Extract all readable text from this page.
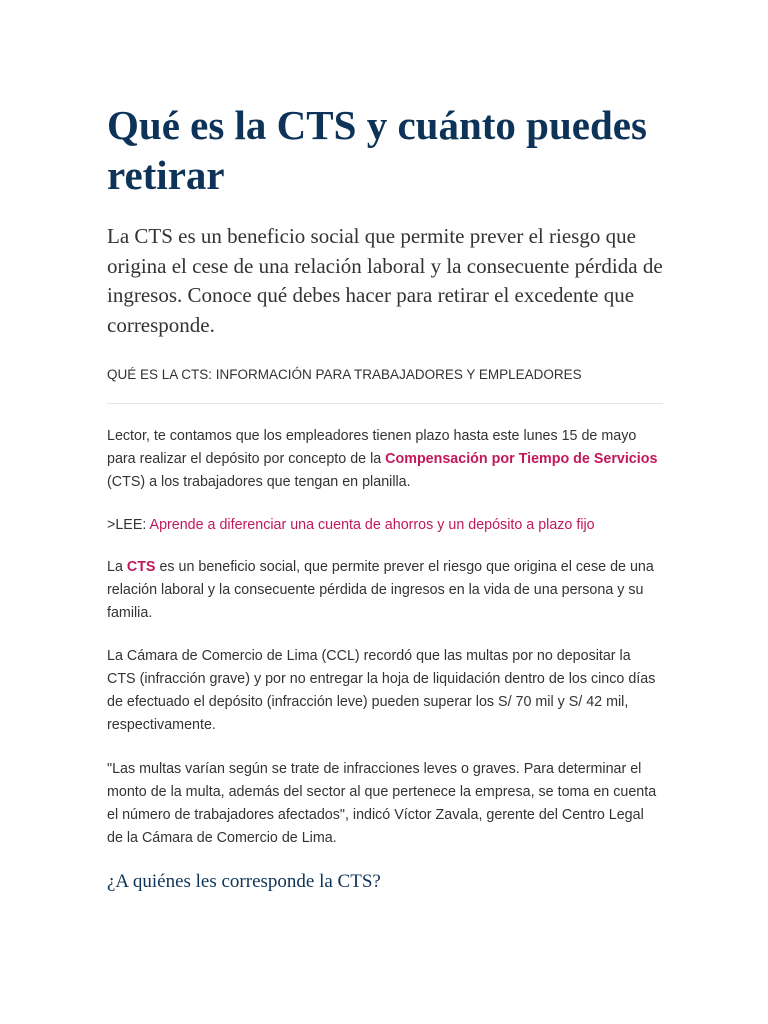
Qué es la CTS y cuánto puedes retirar

La CTS es un beneficio social que permite prever el riesgo que origina el cese de una relación laboral y la consecuente pérdida de ingresos. Conoce qué debes hacer para retirar el excedente que corresponde.

QUÉ ES LA CTS: INFORMACIÓN PARA TRABAJADORES Y EMPLEADORES

Lector, te contamos que los empleadores tienen plazo hasta este lunes 15 de mayo para realizar el depósito por concepto de la Compensación por Tiempo de Servicios (CTS) a los trabajadores que tengan en planilla.

>LEE: Aprende a diferenciar una cuenta de ahorros y un depósito a plazo fijo

La CTS es un beneficio social, que permite prever el riesgo que origina el cese de una relación laboral y la consecuente pérdida de ingresos en la vida de una persona y su familia.

La Cámara de Comercio de Lima (CCL) recordó que las multas por no depositar la CTS (infracción grave) y por no entregar la hoja de liquidación dentro de los cinco días de efectuado el depósito (infracción leve) pueden superar los S/ 70 mil y S/ 42 mil, respectivamente.

"Las multas varían según se trate de infracciones leves o graves. Para determinar el monto de la multa, además del sector al que pertenece la empresa, se toma en cuenta el número de trabajadores afectados", indicó Víctor Zavala, gerente del Centro Legal de la Cámara de Comercio de Lima.

¿A quiénes les corresponde la CTS?
